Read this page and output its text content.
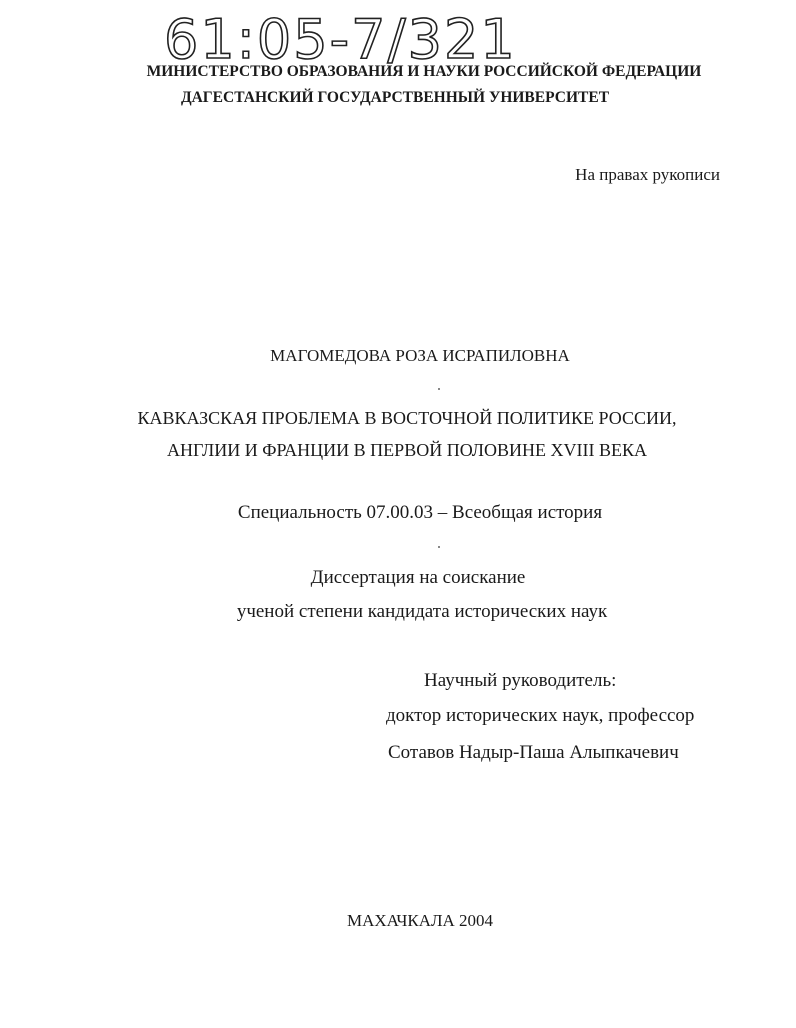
61:05-7/321
МИНИСТЕРСТВО ОБРАЗОВАНИЯ И НАУКИ РОССИЙСКОЙ ФЕДЕРАЦИИ
ДАГЕСТАНСКИЙ ГОСУДАРСТВЕННЫЙ УНИВЕРСИТЕТ
На правах рукописи
МАГОМЕДОВА РОЗА ИСРАПИЛОВНА
КАВКАЗСКАЯ ПРОБЛЕМА В ВОСТОЧНОЙ ПОЛИТИКЕ РОССИИ,
АНГЛИИ И ФРАНЦИИ В ПЕРВОЙ ПОЛОВИНЕ XVIII ВЕКА
Специальность 07.00.03 – Всеобщая история
Диссертация на соискание
ученой степени кандидата исторических наук
Научный руководитель:
доктор исторических наук, профессор
Сотавов Надыр-Паша Алыпкачевич
МАХАЧКАЛА 2004
